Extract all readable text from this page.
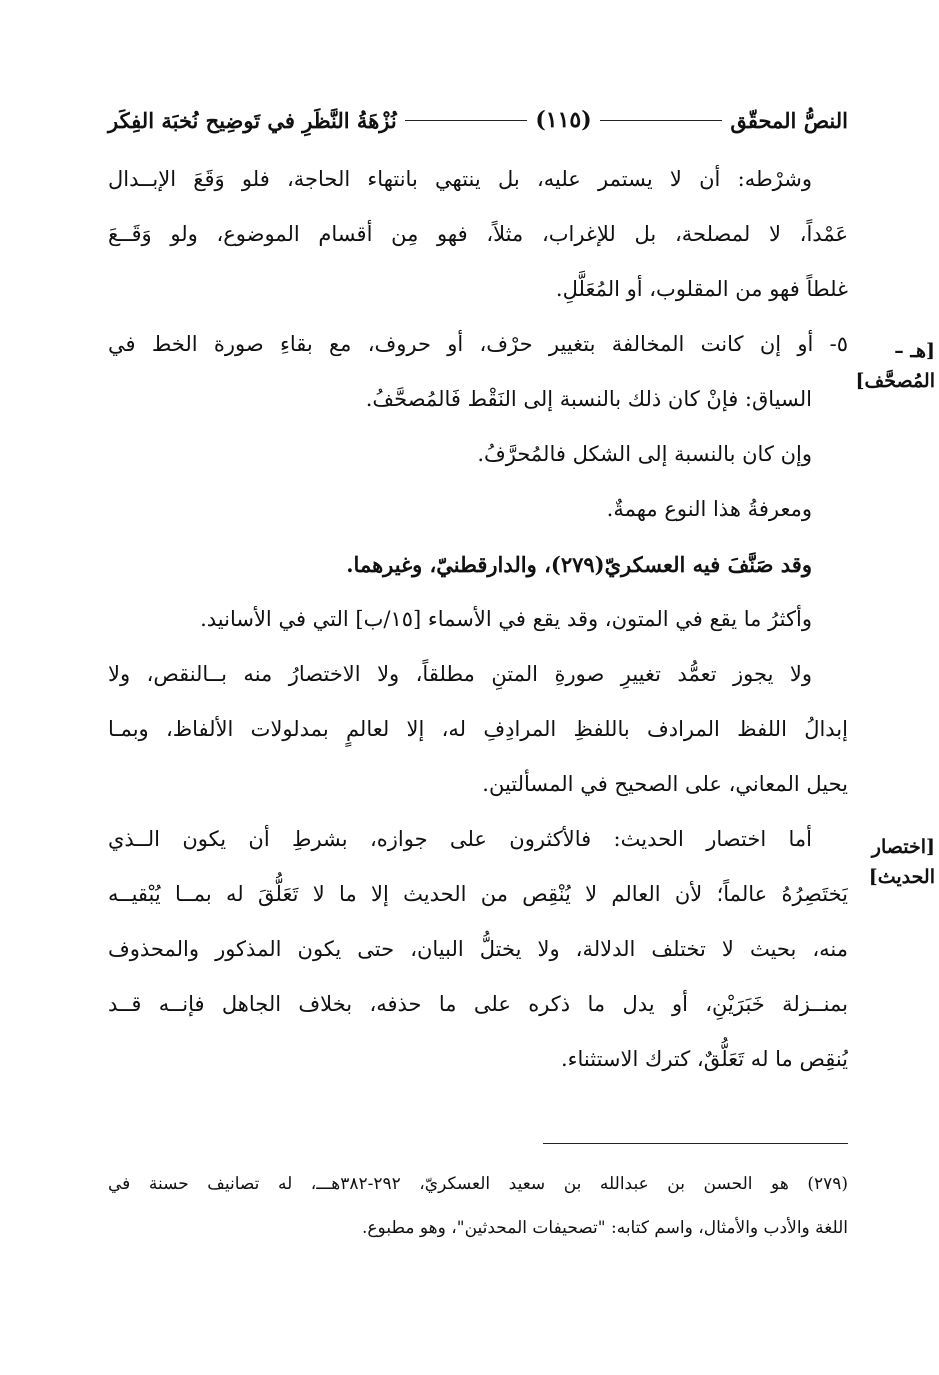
النصُّ المحقّق
(١١٥)
نُزْهَةُ النَّظَرِ في تَوضِيح نُخبَة الفِكَر
وشرْطه: أن لا يستمر عليه، بل ينتهي بانتهاء الحاجة، فلو وَقَعَ الإبــدال
عَمْداً، لا لمصلحة، بل للإغراب، مثلاً، فهو مِن أقسام الموضوع، ولو وَقَــعَ
غلطاً فهو من المقلوب، أو المُعَلَّلِ.
٥- أو إن كانت المخالفة بتغيير حرْف، أو حروف، مع بقاءِ صورة الخط في
السياق: فإنْ كان ذلك بالنسبة إلى النَقْط فَالمُصحَّفُ.
وإن كان بالنسبة إلى الشكل فالمُحرَّفُ.
ومعرفةُ هذا النوع مهمةٌ.
وقد صَنَّفَ فيه العسكريّ(٢٧٩)، والدارقطنيّ، وغيرهما.
وأكثرُ ما يقع في المتون، وقد يقع في الأسماء [١٥/ب] التي في الأسانيد.
ولا يجوز تعمُّد تغييرِ صورةِ المتنِ مطلقاً، ولا الاختصارُ منه بــالنقص، ولا
إبدالُ اللفظ المرادف باللفظِ المرادِفِ له، إلا لعالمٍ بمدلولات الألفاظ، وبمـا
يحيل المعاني، على الصحيح في المسألتين.
أما اختصار الحديث: فالأكثرون على جوازه، بشرطِ أن يكون الــذي
يَختَصِرُهُ عالماً؛ لأن العالم لا يُنْقِص من الحديث إلا ما لا تَعَلُّقَ له بمــا يُبْقيــه
منه، بحيث لا تختلف الدلالة، ولا يختلُّ البيان، حتى يكون المذكور والمحذوف
بمنــزلة خَبَرَيْنِ، أو يدل ما ذكره على ما حذفه، بخلاف الجاهل فإنــه قــد
يُنقِص ما له تَعَلُّقٌ، كترك الاستثناء.
[هـ –
المُصحَّف]
[اختصار
الحديث]
(٢٧٩) هو الحسن بن عبدالله بن سعيد العسكريّ، ٢٩٢-٣٨٢هـــ، له تصانيف حسنة في
اللغة والأدب والأمثال، واسم كتابه: "تصحيفات المحدثين"، وهو مطبوع.
